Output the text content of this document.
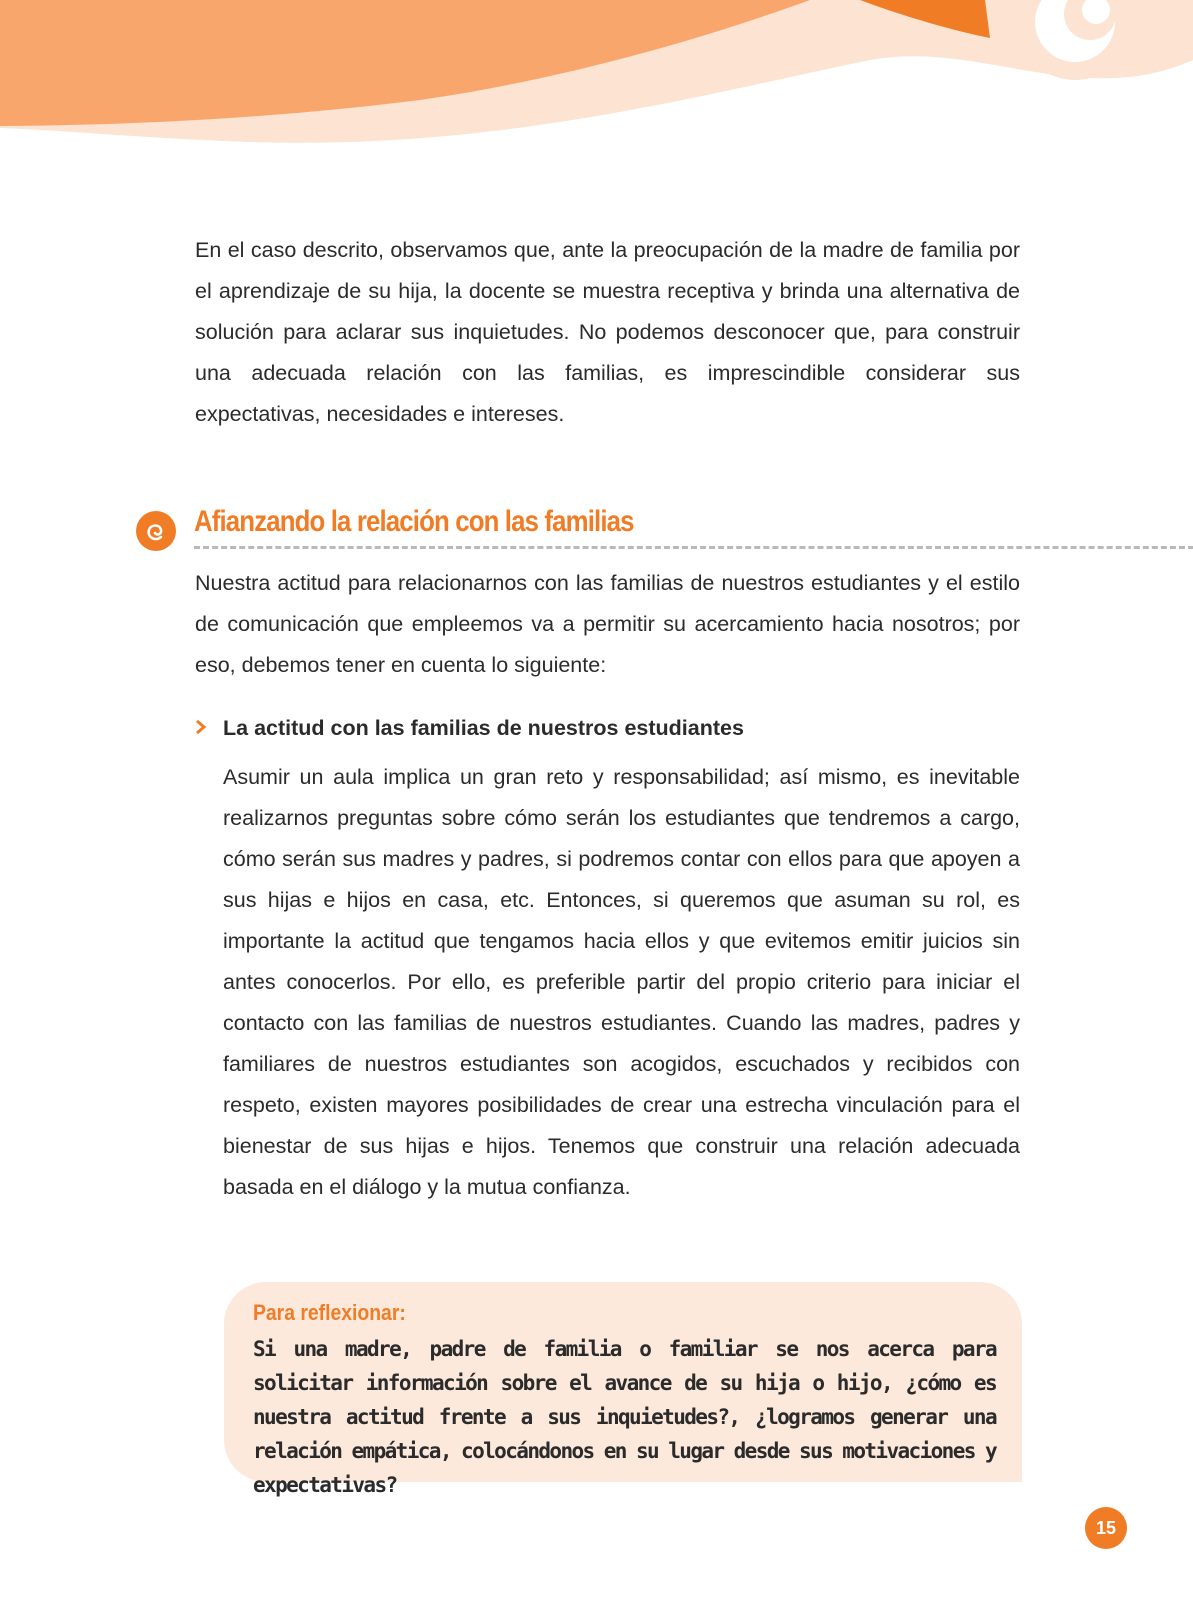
En el caso descrito, observamos que, ante la preocupación de la madre de familia por el aprendizaje de su hija, la docente se muestra receptiva y brinda una alternativa de solución para aclarar sus inquietudes. No podemos desconocer que, para construir una adecuada relación con las familias, es imprescindible considerar sus expectativas, necesidades e intereses.

Afianzando la relación con las familias

Nuestra actitud para relacionarnos con las familias de nuestros estudiantes y el estilo de comunicación que empleemos va a permitir su acercamiento hacia nosotros; por eso, debemos tener en cuenta lo siguiente:

La actitud con las familias de nuestros estudiantes

Asumir un aula implica un gran reto y responsabilidad; así mismo, es inevitable realizarnos preguntas sobre cómo serán los estudiantes que tendremos a cargo, cómo serán sus madres y padres, si podremos contar con ellos para que apoyen a sus hijas e hijos en casa, etc. Entonces, si queremos que asuman su rol, es importante la actitud que tengamos hacia ellos y que evitemos emitir juicios sin antes conocerlos. Por ello, es preferible partir del propio criterio para iniciar el contacto con las familias de nuestros estudiantes. Cuando las madres, padres y familiares de nuestros estudiantes son acogidos, escuchados y recibidos con respeto, existen mayores posibilidades de crear una estrecha vinculación para el bienestar de sus hijas e hijos. Tenemos que construir una relación adecuada basada en el diálogo y la mutua confianza.

Para reflexionar:
Si una madre, padre de familia o familiar se nos acerca para solicitar información sobre el avance de su hija o hijo, ¿cómo es nuestra actitud frente a sus inquietudes?, ¿logramos generar una relación empática, colocándonos en su lugar desde sus motivaciones y expectativas?
15
